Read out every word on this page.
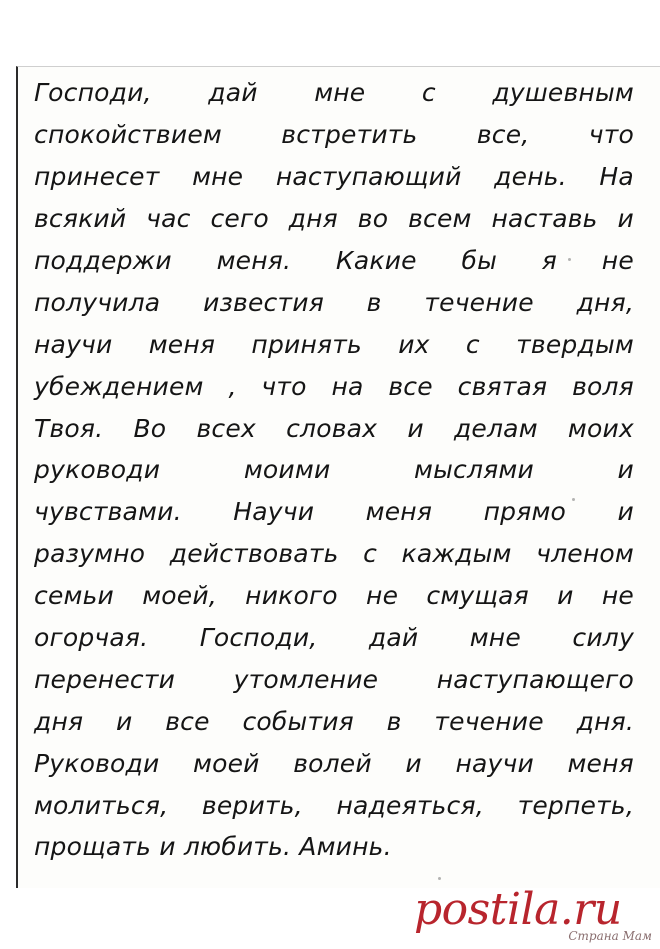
Господи, дай мне с душевным
спокойствием встретить все, что
принесет мне наступающий день. На
всякий час сего дня во всем наставь и
поддержи меня. Какие бы я не
получила известия в течение дня,
научи меня принять их с твердым
убеждением , что на все святая воля
Твоя. Во всех словах и делам моих
руководи	моими	мыслями	и
чувствами. Научи меня прямо и
разумно действовать с каждым членом
семьи моей, никого не смущая и не
огорчая. Господи, дай мне силу
перенести утомление наступающего
дня и все события в течение дня.
Руководи моей волей и научи меня
молиться, верить, надеяться, терпеть,
прощать и любить. Аминь.
postila.ru
Страна Мам
